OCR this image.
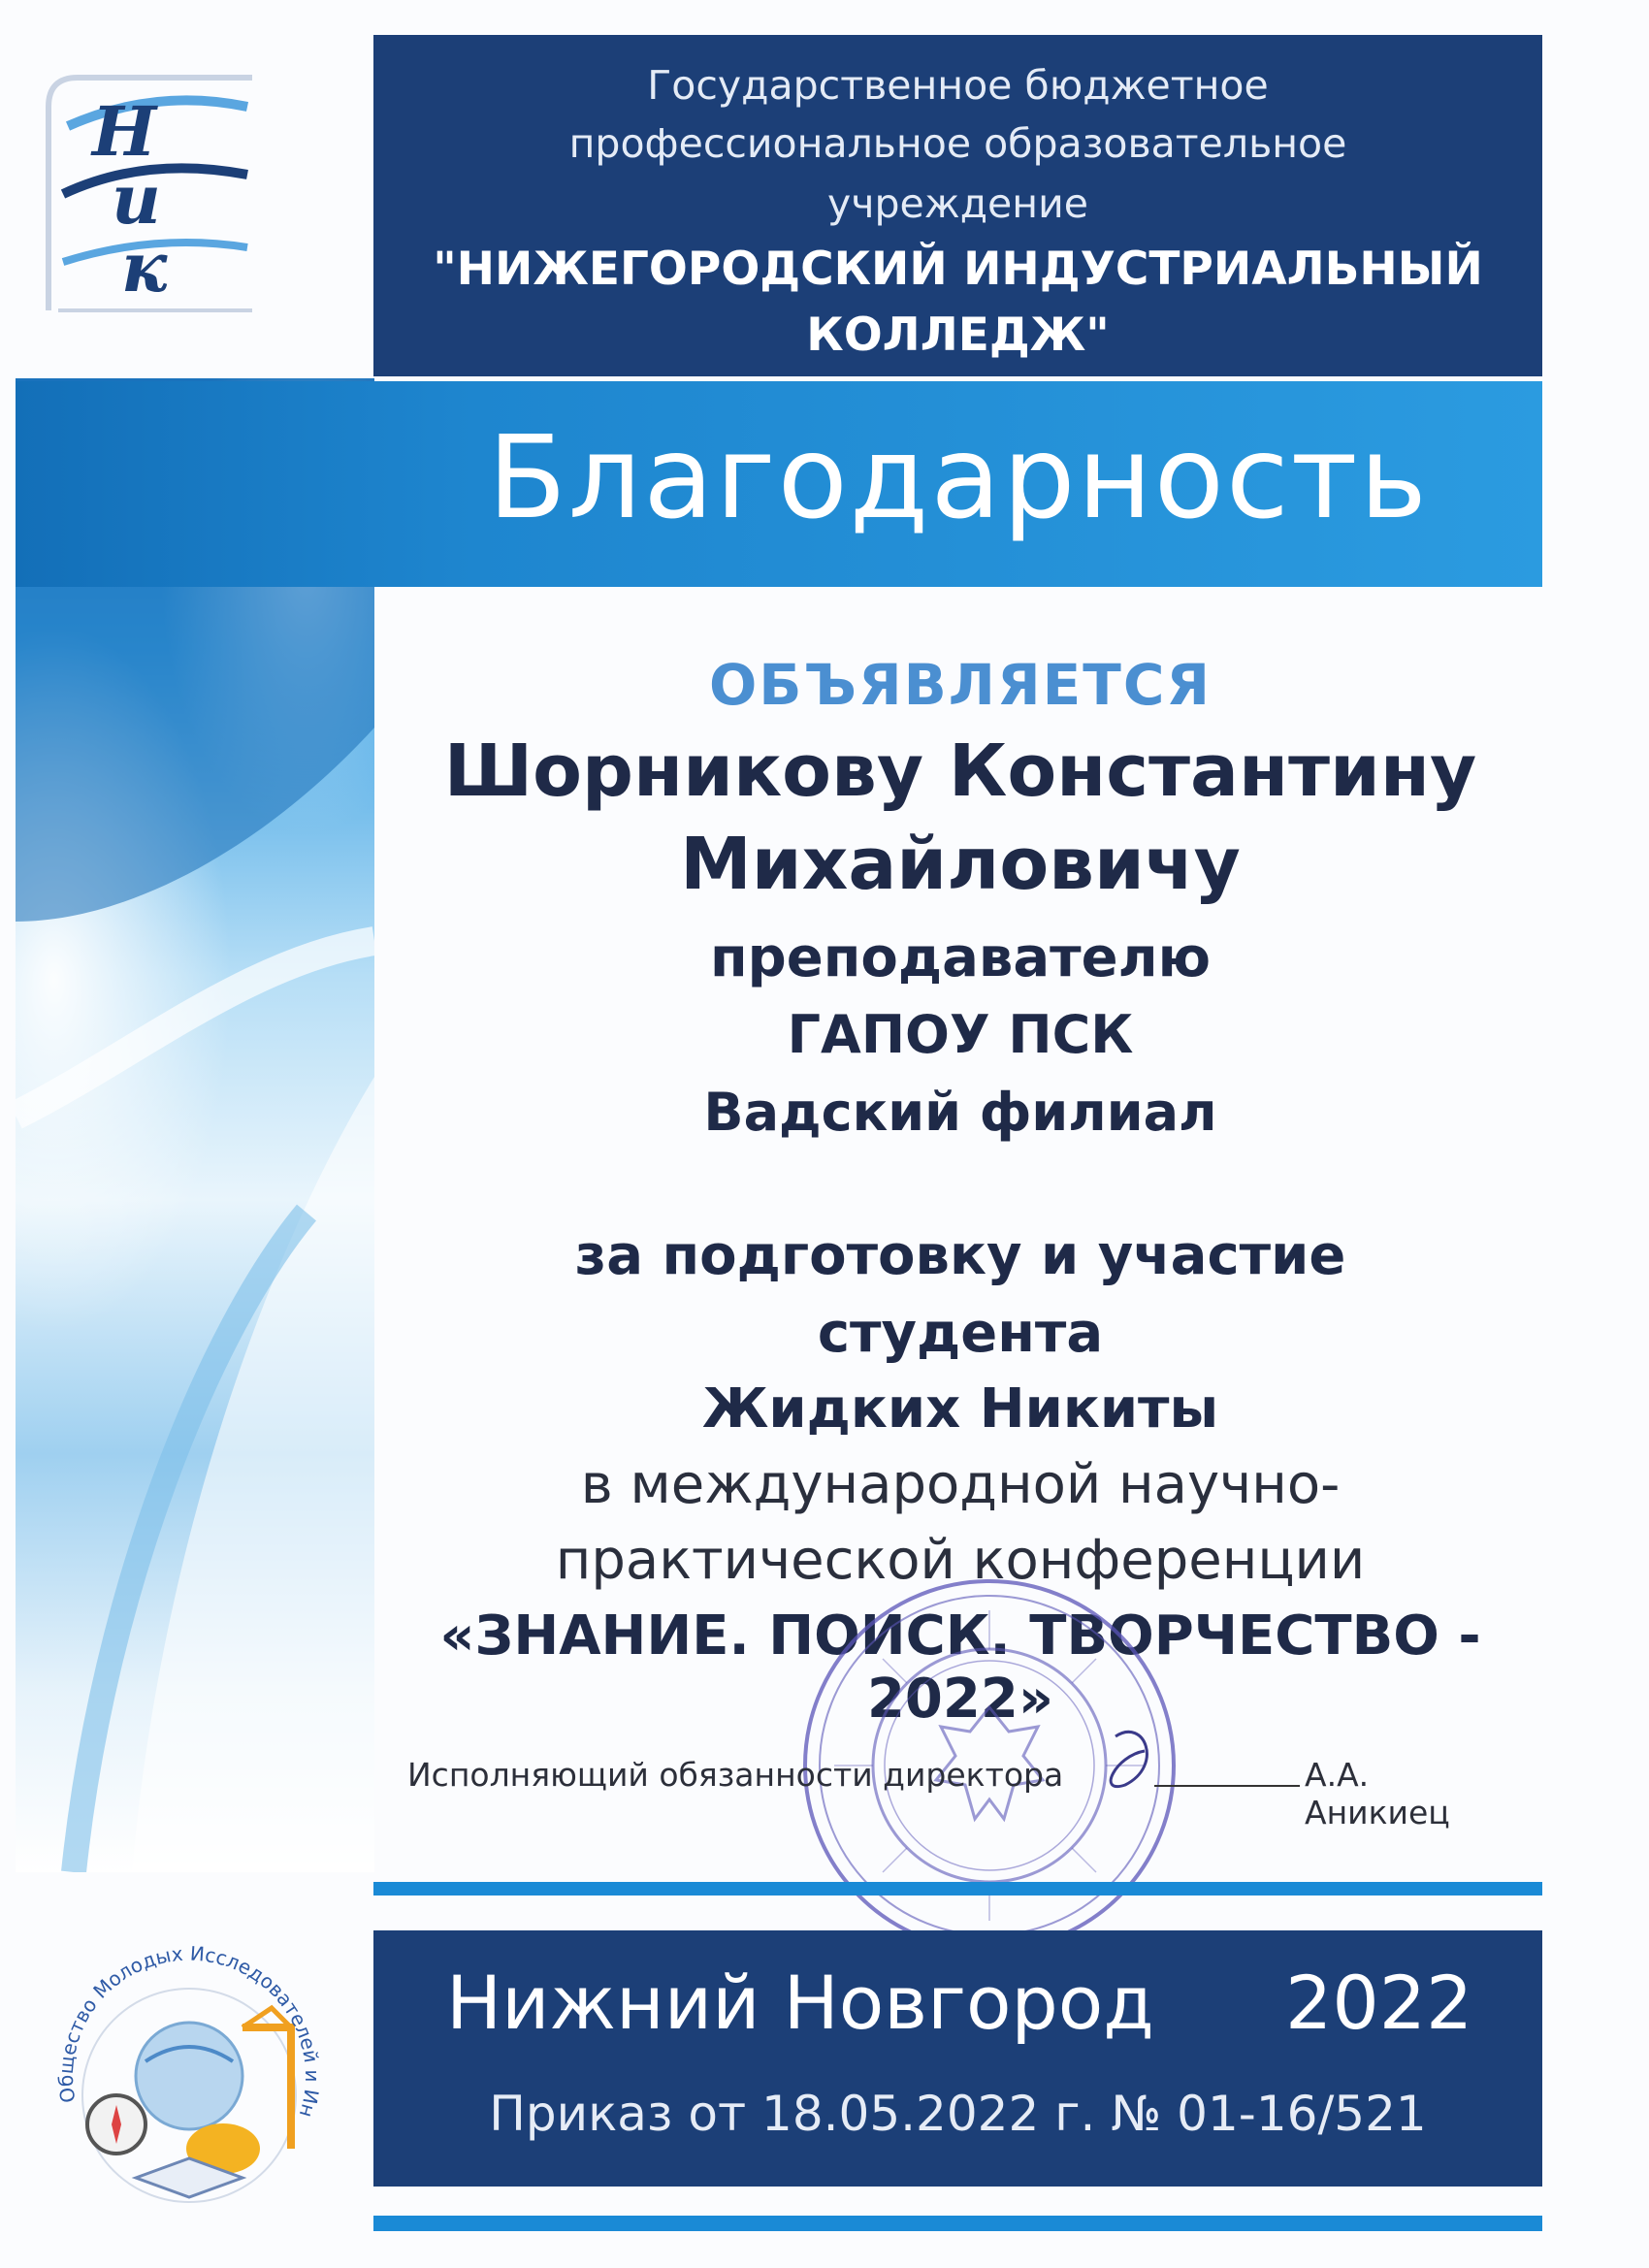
Н
и
к
Государственное бюджетное
профессиональное образовательное
учреждение
"НИЖЕГОРОДСКИЙ ИНДУСТРИАЛЬНЫЙ
КОЛЛЕДЖ"
Благодарность
ОБЪЯВЛЯЕТСЯ
Шорникову Константину
Михайловичу
преподавателю
ГАПОУ ПСК
Вадский филиал
за подготовку и участие
студента
Жидких Никиты
в международной научно-
практической конференции
«ЗНАНИЕ. ПОИСК. ТВОРЧЕСТВО - 2022»
Исполняющий обязанности директора	А.А. Аникиец
Нижний Новгород 2022
Приказ от 18.05.2022 г. № 01-16/521
Общество Молодых Исследователей и Ин
